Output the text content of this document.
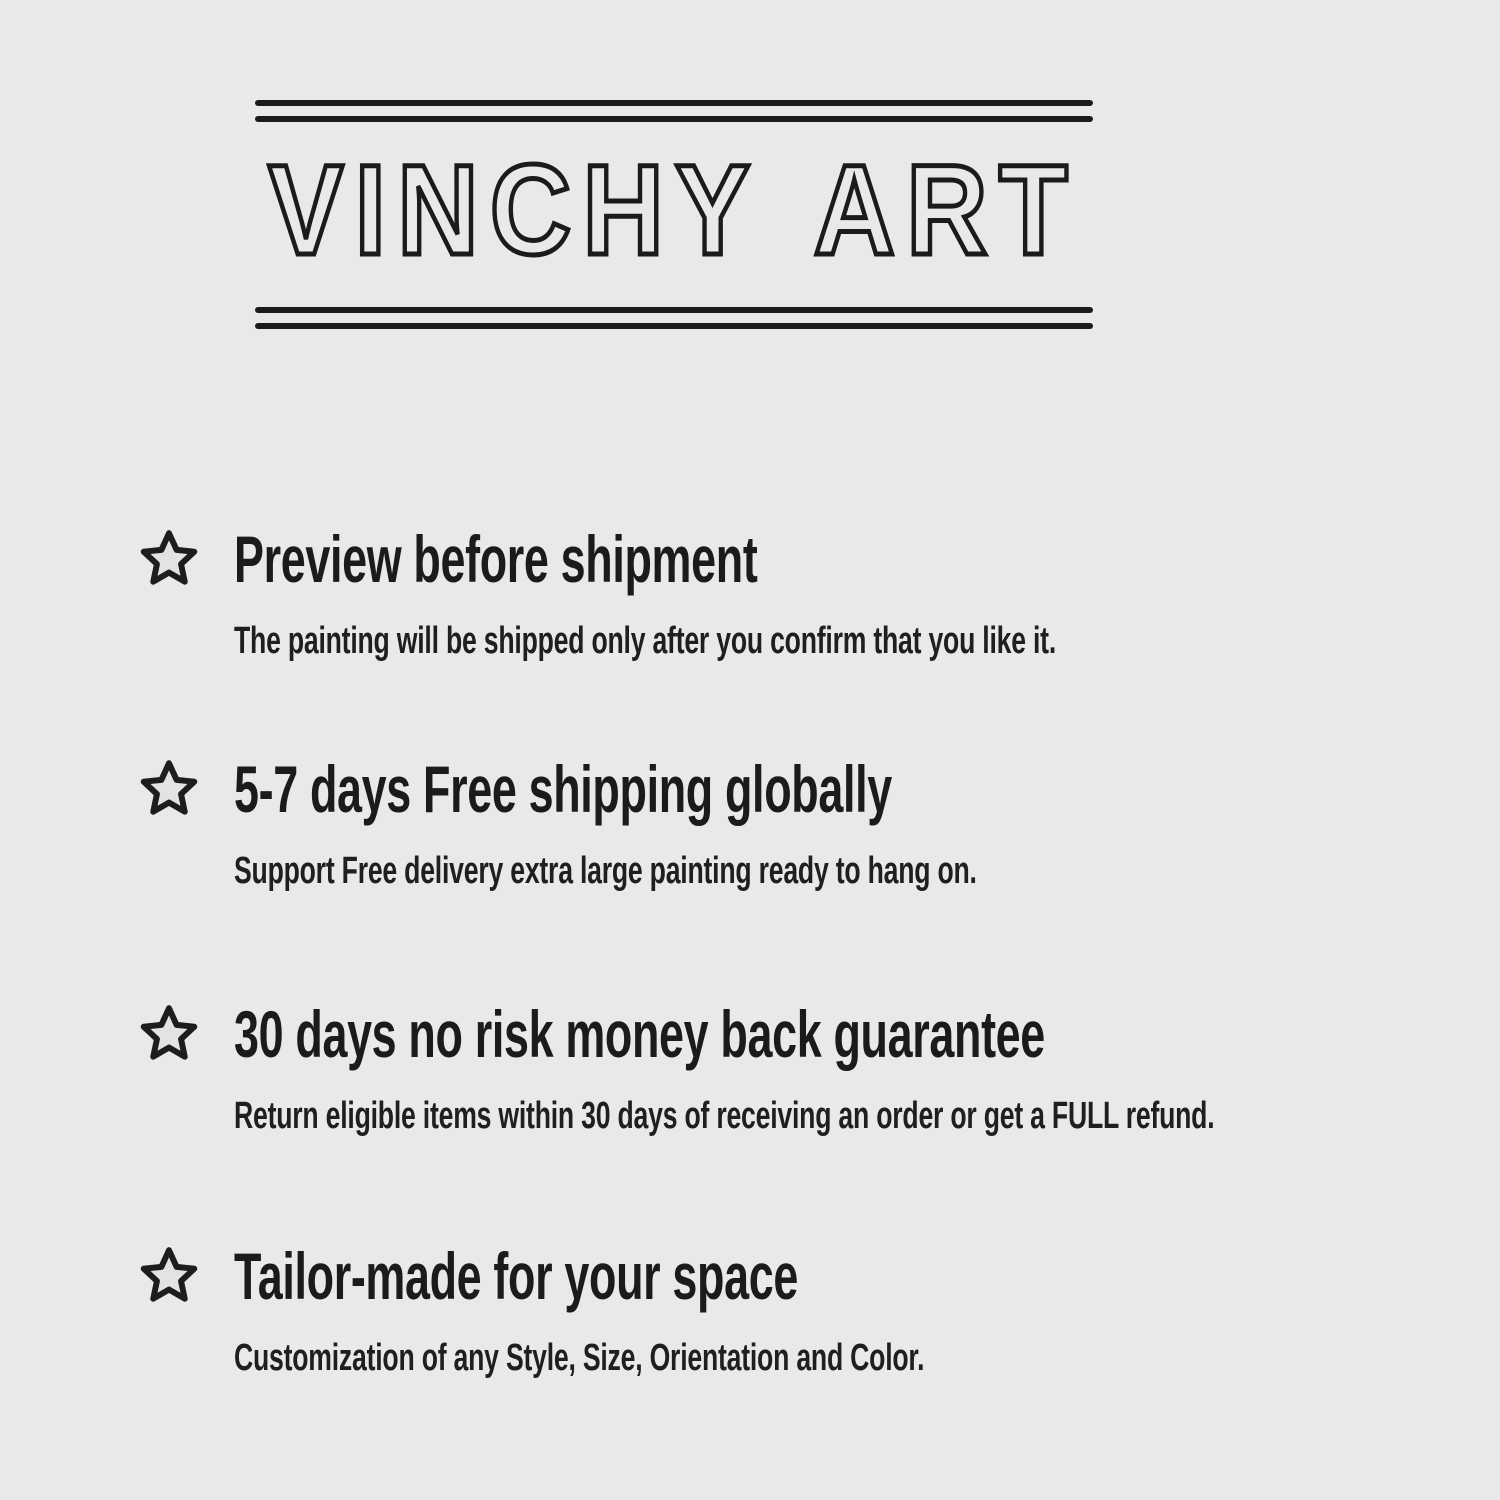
VINCHY ART
Preview before shipment

The painting will be shipped only after you confirm that you like it.

5-7 days Free shipping globally

Support Free delivery extra large painting ready to hang on.

30 days no risk money back guarantee

Return eligible items within 30 days of receiving an order or get a FULL refund.

Tailor-made for your space

Customization of any Style, Size, Orientation and Color.
